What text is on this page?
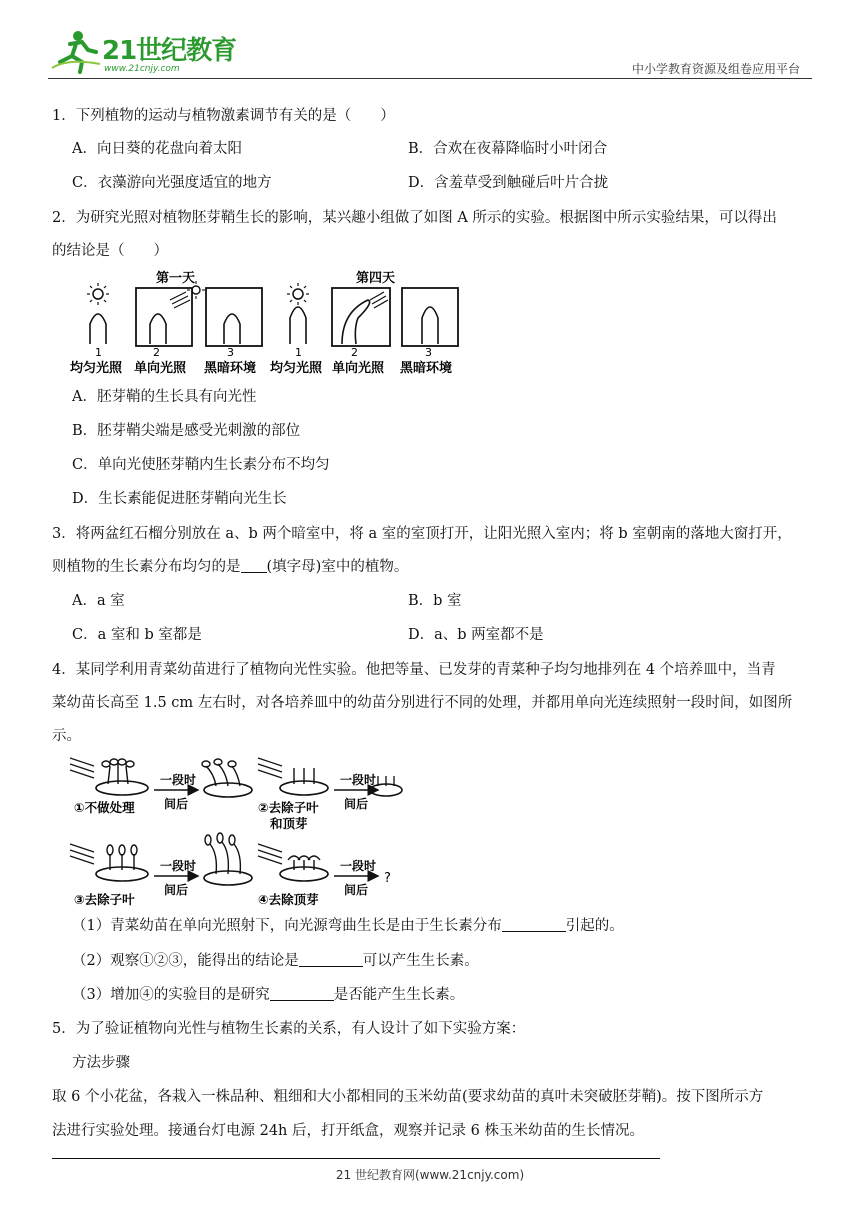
21世纪教育
www.21cnjy.com	中小学教育资源及组卷应用平台
1．下列植物的运动与植物激素调节有关的是（　　）
A．向日葵的花盘向着太阳	B．合欢在夜幕降临时小叶闭合
C．衣藻游向光强度适宜的地方	D．含羞草受到触碰后叶片合拢
2．为研究光照对植物胚芽鞘生长的影响，某兴趣小组做了如图 A 所示的实验。根据图中所示实验结果，可以得出
的结论是（　　）
1
均匀光照
第一天
2
单向光照
3
黑暗环境
1
均匀光照
第四天
2
单向光照
3
黑暗环境
A．胚芽鞘的生长具有向光性
B．胚芽鞘尖端是感受光刺激的部位
C．单向光使胚芽鞘内生长素分布不均匀
D．生长素能促进胚芽鞘向光生长
3．将两盆红石榴分别放在 a、b 两个暗室中，将 a 室的室顶打开，让阳光照入室内；将 b 室朝南的落地大窗打开，
则植物的生长素分布均匀的是 (填字母)室中的植物。
A．a 室	B．b 室
C．a 室和 b 室都是	D．a、b 两室都不是
4．某同学利用青菜幼苗进行了植物向光性实验。他把等量、已发芽的青菜种子均匀地排列在 4 个培养皿中，当青
菜幼苗长高至 1.5 cm 左右时，对各培养皿中的幼苗分别进行不同的处理，并都用单向光连续照射一段时间，如图所
示。
①不做处理
一段时
间后	②去除子叶
和顶芽
一段时
间后
③去除子叶
一段时
间后
④去除顶芽
一段时
间后
?
（1）青菜幼苗在单向光照射下，向光源弯曲生长是由于生长素分布	引起的。
（2）观察①②③，能得出的结论是	可以产生生长素。
（3）增加④的实验目的是研究	是否能产生生长素。
5．为了验证植物向光性与植物生长素的关系，有人设计了如下实验方案：
方法步骤
取 6 个小花盆，各栽入一株品种、粗细和大小都相同的玉米幼苗(要求幼苗的真叶未突破胚芽鞘)。按下图所示方
法进行实验处理。接通台灯电源 24h 后，打开纸盒，观察并记录 6 株玉米幼苗的生长情况。
21 世纪教育网(www.21cnjy.com)
